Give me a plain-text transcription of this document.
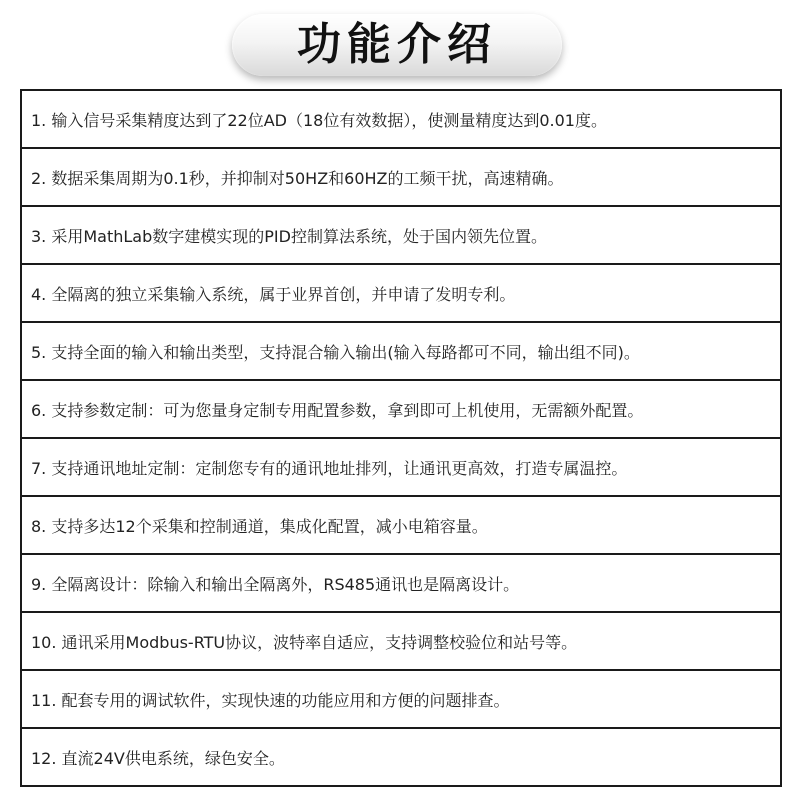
功能介绍
1. 输入信号采集精度达到了22位AD（18位有效数据），使测量精度达到0.01度。
2. 数据采集周期为0.1秒，并抑制对50HZ和60HZ的工频干扰，高速精确。
3. 采用MathLab数字建模实现的PID控制算法系统，处于国内领先位置。
4. 全隔离的独立采集输入系统，属于业界首创，并申请了发明专利。
5. 支持全面的输入和输出类型，支持混合输入输出(输入每路都可不同，输出组不同)。
6. 支持参数定制：可为您量身定制专用配置参数，拿到即可上机使用，无需额外配置。
7. 支持通讯地址定制：定制您专有的通讯地址排列，让通讯更高效，打造专属温控。
8. 支持多达12个采集和控制通道，集成化配置，减小电箱容量。
9. 全隔离设计：除输入和输出全隔离外，RS485通讯也是隔离设计。
10. 通讯采用Modbus-RTU协议，波特率自适应，支持调整校验位和站号等。
11. 配套专用的调试软件，实现快速的功能应用和方便的问题排查。
12. 直流24V供电系统，绿色安全。
